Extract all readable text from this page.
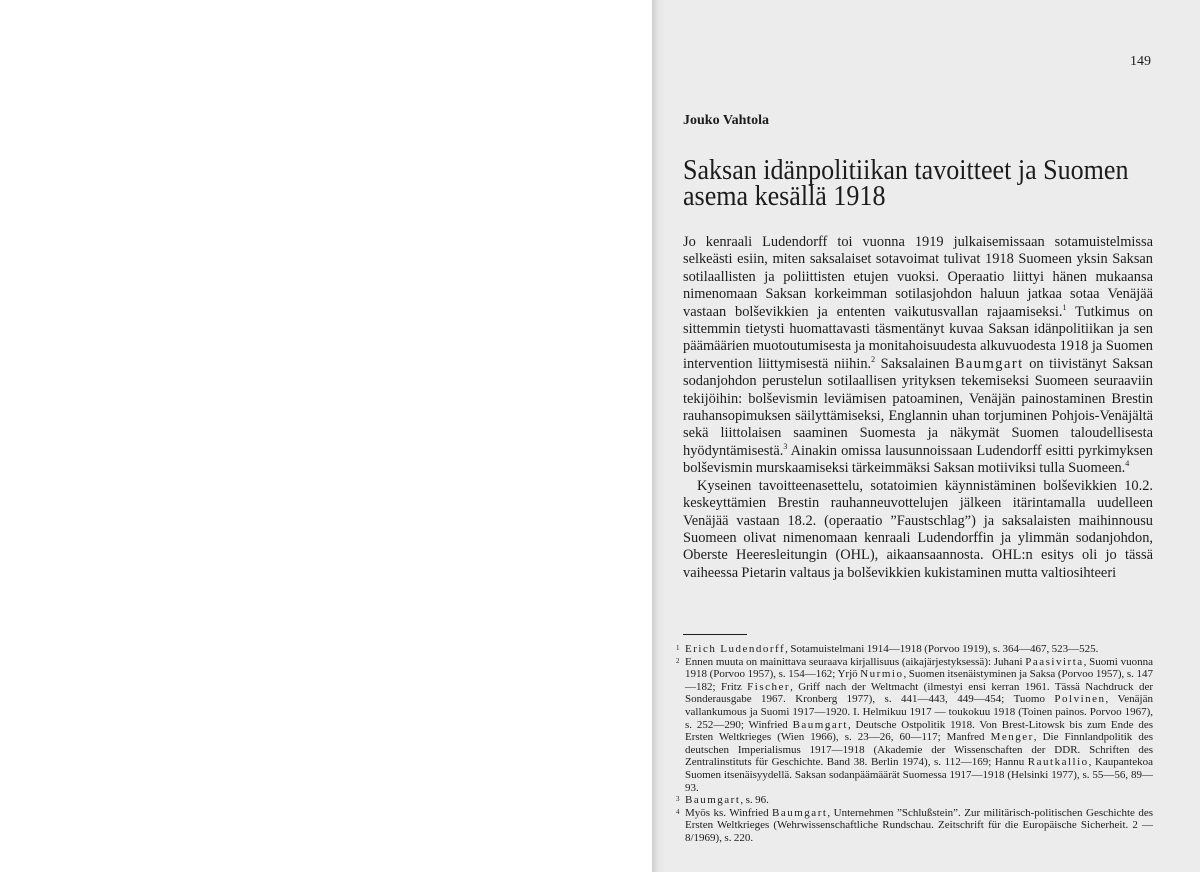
149
Jouko Vahtola
Saksan idänpolitiikan tavoitteet ja Suomen asema kesällä 1918

Jo kenraali Ludendorff toi vuonna 1919 julkaisemissaan sotamuistelmissa selkeästi esiin, miten saksalaiset sotavoimat tulivat 1918 Suomeen yksin Saksan sotilaallisten ja poliittisten etujen vuoksi. Operaatio liittyi hänen mukaansa nimenomaan Saksan korkeimman sotilasjohdon haluun jatkaa sotaa Venäjää vastaan bolševikkien ja ententen vaikutusvallan rajaamiseksi.$^1$ Tutkimus on sittemmin tietysti huomattavasti täsmentänyt kuvaa Saksan idänpolitiikan ja sen päämäärien muotoutumisesta ja monitahoisuudesta alkuvuodesta 1918 ja Suomen intervention liittymisestä niihin.$^2$ Saksalainen Baumgart on tiivistänyt Saksan sodanjohdon perustelun sotilaallisen yrityksen tekemiseksi Suomeen seuraaviin tekijöihin: bolševismin leviämisen patoaminen, Venäjän painostaminen Brestin rauhansopimuksen säilyttämiseksi, Englannin uhan torjuminen Pohjois-Venäjältä sekä liittolaisen saaminen Suomesta ja näkymät Suomen taloudellisesta hyödyntämisestä.$^3$ Ainakin omissa lausunnoissaan Ludendorff esitti pyrkimyksen bolševismin murskaamiseksi tärkeimmäksi Saksan motiiviksi tulla Suomeen.$^4$

Kyseinen tavoitteenasettelu, sotatoimien käynnistäminen bolševikkien 10.2. keskeyttämien Brestin rauhanneuvottelujen jälkeen itärintamalla uudelleen Venäjää vastaan 18.2. (operaatio ”Faustschlag”) ja saksalaisten maihinnousu Suomeen olivat nimenomaan kenraali Ludendorffin ja ylimmän sodanjohdon, Oberste Heeresleitungin (OHL), aikaansaannosta. OHL:n esitys oli jo tässä vaiheessa Pietarin valtaus ja bolševikkien kukistaminen mutta valtiosihteeri

1 Erich Ludendorff, Sotamuistelmani 1914—1918 (Porvoo 1919), s. 364—467, 523—525.
2 Ennen muuta on mainittava seuraava kirjallisuus (aikajärjestyksessä): Juhani Paasivirta, Suomi vuonna 1918 (Porvoo 1957), s. 154—162; Yrjö Nurmio, Suomen itsenäistyminen ja Saksa (Porvoo 1957), s. 147—182; Fritz Fischer, Griff nach der Weltmacht (ilmestyi ensi kerran 1961. Tässä Nachdruck der Sonderausgabe 1967. Kronberg 1977), s. 441—443, 449—454; Tuomo Polvinen, Venäjän vallankumous ja Suomi 1917—1920. I. Helmikuu 1917 — toukokuu 1918 (Toinen painos. Porvoo 1967), s. 252—290; Winfried Baumgart, Deutsche Ostpolitik 1918. Von Brest-Litowsk bis zum Ende des Ersten Weltkrieges (Wien 1966), s. 23—26, 60—117; Manfred Menger, Die Finnlandpolitik des deutschen Imperialismus 1917—1918 (Akademie der Wissenschaften der DDR. Schriften des Zentralinstituts für Geschichte. Band 38. Berlin 1974), s. 112—169; Hannu Rautkallio, Kaupantekoa Suomen itsenäisyydellä. Saksan sodanpäämäärät Suomessa 1917—1918 (Helsinki 1977), s. 55—56, 89—93.
3 Baumgart, s. 96.
4 Myös ks. Winfried Baumgart, Unternehmen ”Schlußstein”. Zur militärisch-politischen Geschichte des Ersten Weltkrieges (Wehrwissenschaftliche Rundschau. Zeitschrift für die Europäische Sicherheit. 2 — 8/1969), s. 220.
